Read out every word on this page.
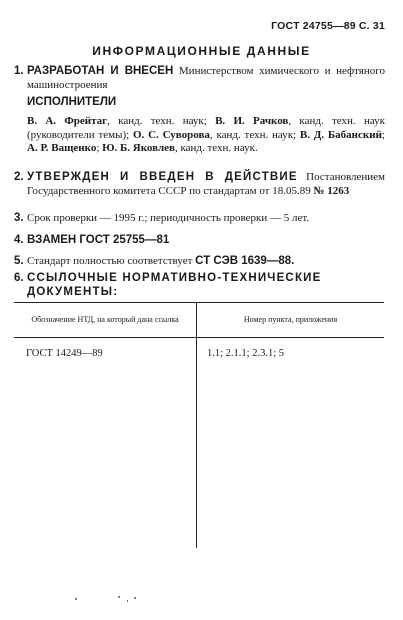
ГОСТ 24755—89 С. 31
ИНФОРМАЦИОННЫЕ ДАННЫЕ
1. РАЗРАБОТАН И ВНЕСЕН Министерством химического и нефтяного машиностроения
ИСПОЛНИТЕЛИ
В. А. Фрейтаг, канд. техн. наук; В. И. Рачков, канд. техн. наук (руководители темы); О. С. Суворова, канд. техн. наук; В. Д. Бабанский; А. Р. Ващенко; Ю. Б. Яковлев, канд. техн. наук.
2. УТВЕРЖДЕН И ВВЕДЕН В ДЕЙСТВИЕ Постановлением Государственного комитета СССР по стандартам от 18.05.89 № 1263
3. Срок проверки — 1995 г.; периодичность проверки — 5 лет.
4. ВЗАМЕН ГОСТ 25755—81
5. Стандарт полностью соответствует СТ СЭВ 1639—88.
6. ССЫЛОЧНЫЕ НОРМАТИВНО-ТЕХНИЧЕСКИЕ ДОКУМЕНТЫ:
Обозначение НТД, на который дана ссылка	Номер пункта, приложения
ГОСТ 14249—89	1.1; 2.1.1; 2.3.1; 5
